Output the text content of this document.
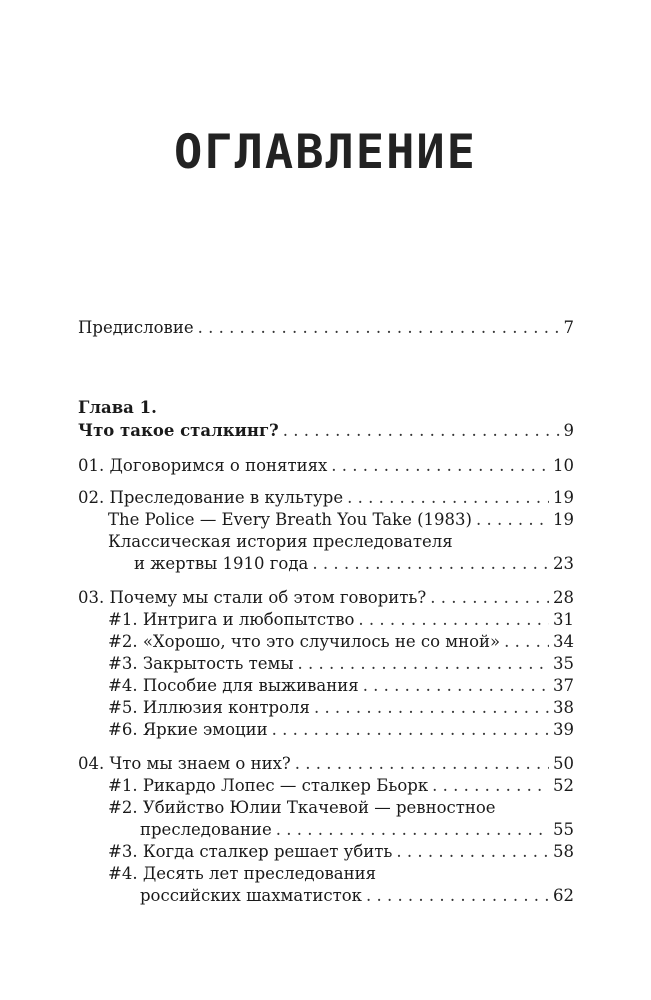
ОГЛАВЛЕНИЕ
Предисловие . . .	7
Глава 1.
Что такое сталкинг? . . .	9
01. Договоримся о понятиях . . .	10
02. Преследование в культуре . . .	19
The Police — Every Breath You Take (1983) . . .	19
Классическая история преследователя
и жертвы 1910 года . . .	23
03. Почему мы стали об этом говорить? . . .	28
#1. Интрига и любопытство . . .	31
#2. «Хорошо, что это случилось не со мной» . . .	34
#3. Закрытость темы . . .	35
#4. Пособие для выживания . . .	37
#5. Иллюзия контроля . . .	38
#6. Яркие эмоции . . .	39
04. Что мы знаем о них? . . .	50
#1. Рикардо Лопес — сталкер Бьорк . . .	52
#2. Убийство Юлии Ткачевой — ревностное
преследование . . .	55
#3. Когда сталкер решает убить . . .	58
#4. Десять лет преследования
российских шахматисток . . .	62
